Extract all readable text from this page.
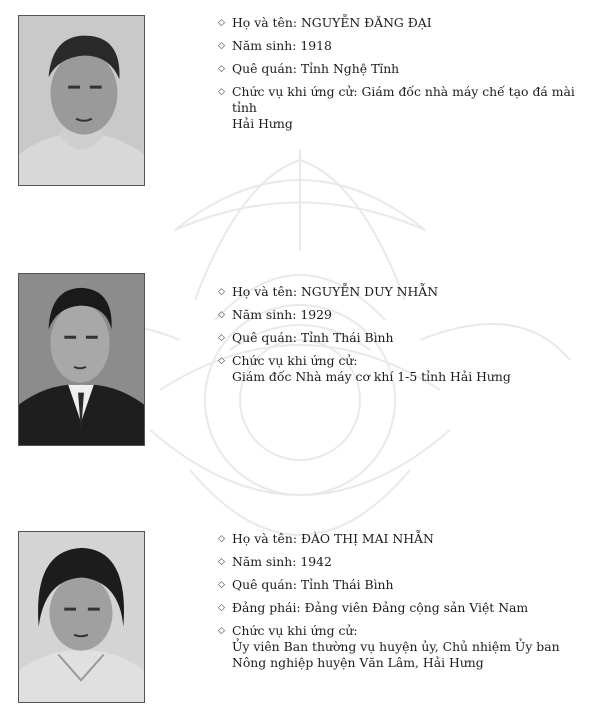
◇ Họ và tên: NGUYỄN ĐĂNG ĐẠI
◇ Năm sinh: 1918
◇ Quê quán: Tỉnh Nghệ Tĩnh
◇ Chức vụ khi ứng cử: Giám đốc nhà máy chế tạo đá mài tỉnh
Hải Hưng
◇ Họ và tên: NGUYỄN DUY NHẪN
◇ Năm sinh: 1929
◇ Quê quán: Tỉnh Thái Bình
◇ Chức vụ khi ứng cử:
Giám đốc Nhà máy cơ khí 1-5 tỉnh Hải Hưng
◇ Họ và tên: ĐÀO THỊ MAI NHẪN
◇ Năm sinh: 1942
◇ Quê quán: Tỉnh Thái Bình
◇ Đảng phái: Đảng viên Đảng cộng sản Việt Nam
◇ Chức vụ khi ứng cử:
Ủy viên Ban thường vụ huyện ủy, Chủ nhiệm Ủy ban
Nông nghiệp huyện Văn Lâm, Hải Hưng
